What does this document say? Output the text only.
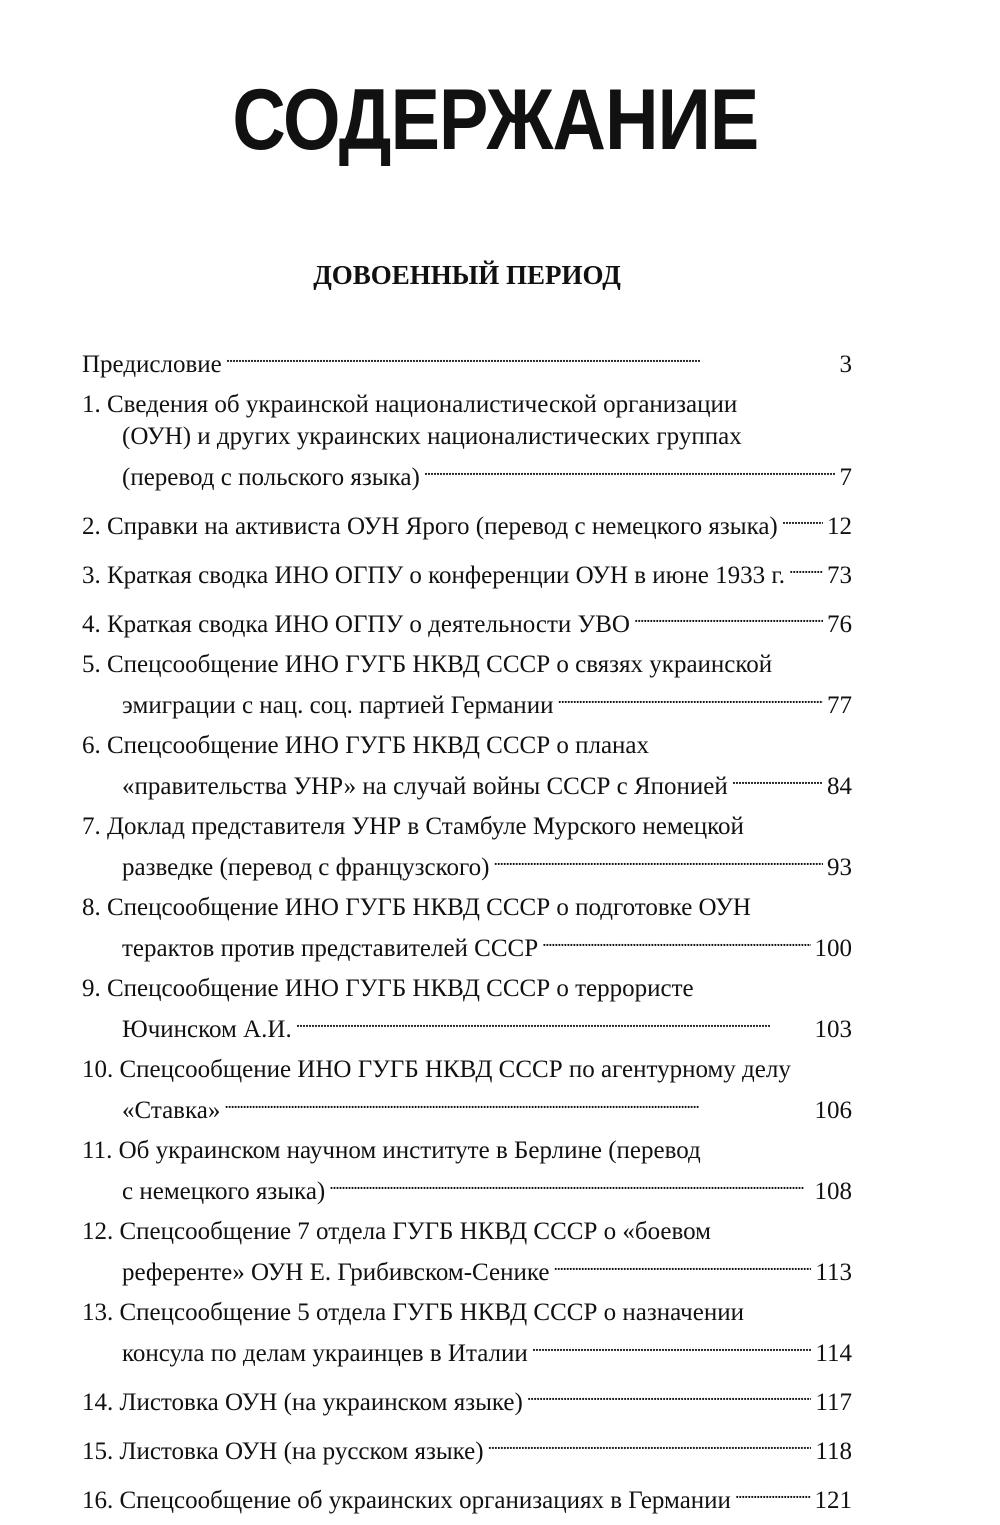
СОДЕРЖАНИЕ
ДОВОЕННЫЙ ПЕРИОД
Предисловие . . .	3
1. Сведения об украинской националистической организации
(ОУН) и других украинских националистических группах
(перевод с польского языка) . . .	7
2. Справки на активиста ОУН Ярого (перевод с немецкого языка) . . . 12
3. Краткая сводка ИНО ОГПУ о конференции ОУН в июне 1933 г. . . . 73
4. Краткая сводка ИНО ОГПУ о деятельности УВО . . .	76
5. Спецсообщение ИНО ГУГБ НКВД СССР о связях украинской
эмиграции с нац. соц. партией Германии . . .	77
6. Спецсообщение ИНО ГУГБ НКВД СССР о планах
«правительства УНР» на случай войны СССР с Японией . . .	84
7. Доклад представителя УНР в Стамбуле Мурского немецкой
разведке (перевод с французского) . . .	93
8. Спецсообщение ИНО ГУГБ НКВД СССР о подготовке ОУН
терактов против представителей СССР . . .	100
9. Спецсообщение ИНО ГУГБ НКВД СССР о террористе
Ючинском А.И. . . .	103
10. Спецсообщение ИНО ГУГБ НКВД СССР по агентурному делу
«Ставка» . . .	106
11. Об украинском научном институте в Берлине (перевод
с немецкого языка) . . .	108
12. Спецсообщение 7 отдела ГУГБ НКВД СССР о «боевом
референте» ОУН Е. Грибивском-Сенике . . .	113
13. Спецсообщение 5 отдела ГУГБ НКВД СССР о назначении
консула по делам украинцев в Италии . . .	114
14. Листовка ОУН (на украинском языке) . . .	117
15. Листовка ОУН (на русском языке) . . .	118
16. Спецсообщение об украинских организациях в Германии . . .	121
